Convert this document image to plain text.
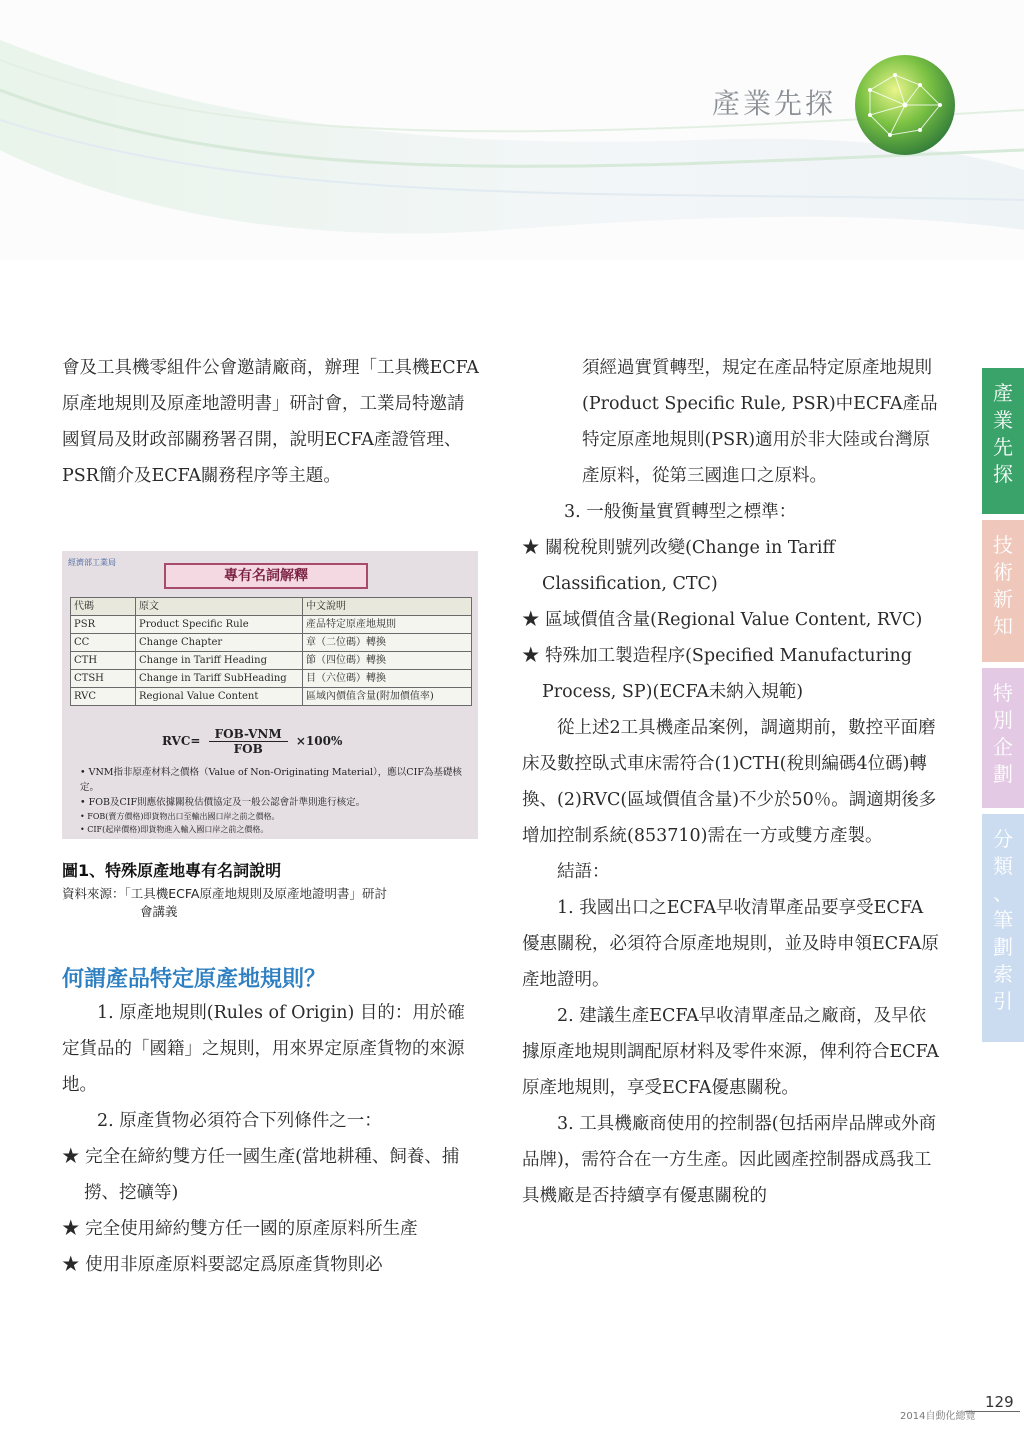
產業先探
產
業
先
探
技
術
新
知
特
別
企
劃
分
類
、
筆
劃
索
引

會及工具機零組件公會邀請廠商，辦理「工具機ECFA原產地規則及原產地證明書」研討會，工業局特邀請國貿局及財政部關務署召開，說明ECFA產證管理、PSR簡介及ECFA關務程序等主題。

經濟部工業局
專有名詞解釋
代碼	原文	中文說明
PSR	Product Specific Rule	產品特定原產地規則
CC	Change Chapter	章（二位碼）轉換
CTH	Change in Tariff Heading	節（四位碼）轉換
CTSH	Change in Tariff SubHeading	目（六位碼）轉換
RVC	Regional Value Content	區域內價值含量(附加價值率)
$RVC= \frac{\text{FOB-VNM}}{\text{FOB}} \times 100\%$
• VNM指非原產材料之價格（Value of Non-Originating Material），應以CIF為基礎核定。
• FOB及CIF則應依據關稅估價協定及一般公認會計準則進行核定。
• FOB(賣方價格)即貨物出口至輸出國口岸之前之價格。
• CIF(起岸價格)即貨物進入輸入國口岸之前之價格。
圖1、特殊原產地專有名詞說明
資料來源：「工具機ECFA原產地規則及原產地證明書」研討
會講義
何謂產品特定原產地規則？

1. 原產地規則(Rules of Origin) 目的：用於確定貨品的「國籍」之規則，用來界定原產貨物的來源地。

2. 原產貨物必須符合下列條件之一：

★ 完全在締約雙方任一國生產(當地耕種、飼養、捕撈、挖礦等)

★ 完全使用締約雙方任一國的原產原料所生產

★ 使用非原產原料要認定爲原產貨物則必

須經過實質轉型，規定在產品特定原產地規則(Product Specific Rule, PSR)中ECFA產品特定原產地規則(PSR)適用於非大陸或台灣原產原料，從第三國進口之原料。

3. 一般衡量實質轉型之標準：

★ 關稅稅則號列改變(Change in Tariff Classification, CTC)

★ 區域價值含量(Regional Value Content, RVC)

★ 特殊加工製造程序(Specified Manufacturing Process, SP)(ECFA未納入規範)

從上述2工具機產品案例，調適期前，數控平面磨床及數控臥式車床需符合(1)CTH(稅則編碼4位碼)轉換、(2)RVC(區域價值含量)不少於50％。調適期後多增加控制系統(853710)需在一方或雙方產製。

結語：

1. 我國出口之ECFA早收清單產品要享受ECFA優惠關稅，必須符合原產地規則，並及時申領ECFA原產地證明。

2. 建議生產ECFA早收清單產品之廠商，及早依據原產地規則調配原材料及零件來源，俾利符合ECFA原產地規則，享受ECFA優惠關稅。

3. 工具機廠商使用的控制器(包括兩岸品牌或外商品牌)，需符合在一方生產。因此國產控制器成爲我工具機廠是否持續享有優惠關稅的

129
2014自動化總覽
